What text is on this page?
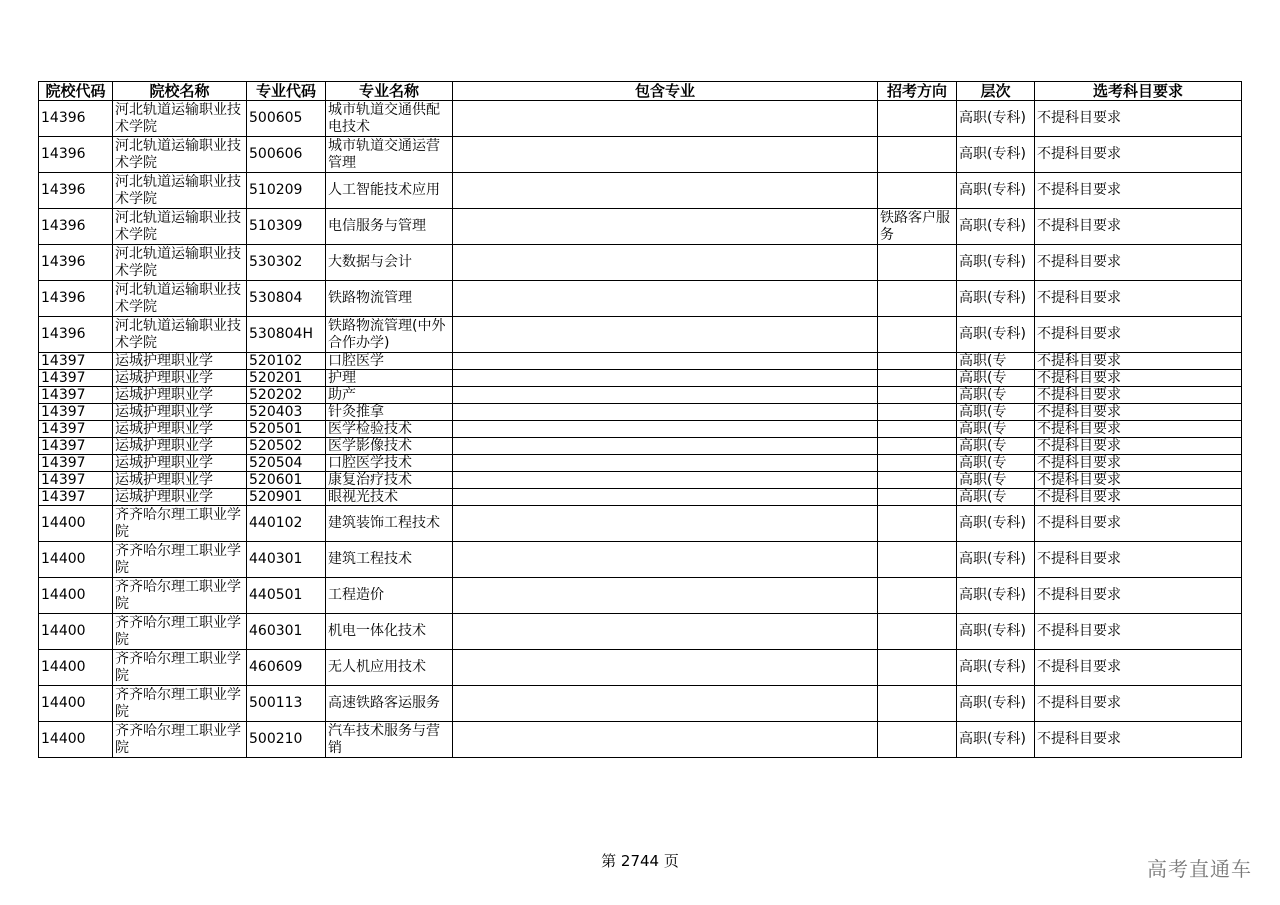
院校代码	院校名称	专业代码	专业名称	包含专业	招考方向	层次	选考科目要求

14396	河北轨道运输职业技术学院	500605	城市轨道交通供配电技术			高职(专科)	不提科目要求

14396	河北轨道运输职业技术学院	500606	城市轨道交通运营管理			高职(专科)	不提科目要求

14396	河北轨道运输职业技术学院	510209	人工智能技术应用			高职(专科)	不提科目要求

14396	河北轨道运输职业技术学院	510309	电信服务与管理		铁路客户服务	高职(专科)	不提科目要求

14396	河北轨道运输职业技术学院	530302	大数据与会计			高职(专科)	不提科目要求

14396	河北轨道运输职业技术学院	530804	铁路物流管理			高职(专科)	不提科目要求

14396	河北轨道运输职业技术学院	530804H	铁路物流管理(中外合作办学)			高职(专科)	不提科目要求

14397	运城护理职业学	520102	口腔医学			高职(专	不提科目要求
14397	运城护理职业学	520201	护理			高职(专	不提科目要求
14397	运城护理职业学	520202	助产			高职(专	不提科目要求
14397	运城护理职业学	520403	针灸推拿			高职(专	不提科目要求
14397	运城护理职业学	520501	医学检验技术			高职(专	不提科目要求
14397	运城护理职业学	520502	医学影像技术			高职(专	不提科目要求
14397	运城护理职业学	520504	口腔医学技术			高职(专	不提科目要求
14397	运城护理职业学	520601	康复治疗技术			高职(专	不提科目要求
14397	运城护理职业学	520901	眼视光技术			高职(专	不提科目要求

14400	齐齐哈尔理工职业学院	440102	建筑装饰工程技术			高职(专科)	不提科目要求

14400	齐齐哈尔理工职业学院	440301	建筑工程技术			高职(专科)	不提科目要求

14400	齐齐哈尔理工职业学院	440501	工程造价			高职(专科)	不提科目要求

14400	齐齐哈尔理工职业学院	460301	机电一体化技术			高职(专科)	不提科目要求

14400	齐齐哈尔理工职业学院	460609	无人机应用技术			高职(专科)	不提科目要求

14400	齐齐哈尔理工职业学院	500113	高速铁路客运服务			高职(专科)	不提科目要求

14400	齐齐哈尔理工职业学院	500210	汽车技术服务与营销			高职(专科)	不提科目要求
第 2744 页	高考直通车
